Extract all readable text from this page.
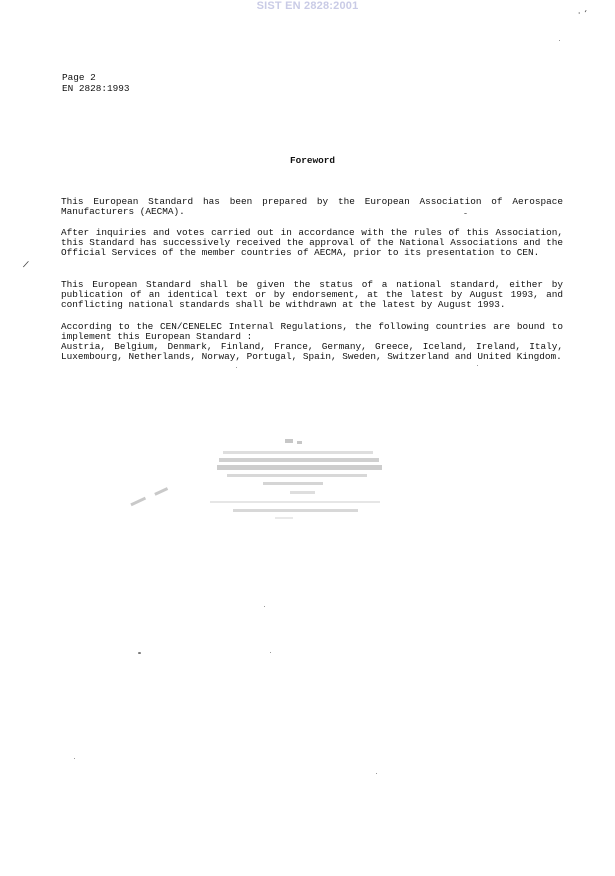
SIST EN 2828:2001
⸱ ʹ
/
Page 2
EN 2828:1993
Foreword
This European Standard has been prepared by the European Association of Aerospace Manufacturers (AECMA).
After inquiries and votes carried out in accordance with the rules of this Association, this Standard has successively received the approval of the National Associations and the Official Services of the member countries of AECMA, prior to its presentation to CEN.
This European Standard shall be given the status of a national standard, either by publication of an identical text or by endorsement, at the latest by August 1993, and conflicting national standards shall be withdrawn at the latest by August 1993.
According to the CEN/CENELEC Internal Regulations, the following countries are bound to implement this European Standard :
Austria, Belgium, Denmark, Finland, France, Germany, Greece, Iceland, Ireland, Italy, Luxembourg, Netherlands, Norway, Portugal, Spain, Sweden, Switzerland and United Kingdom.
